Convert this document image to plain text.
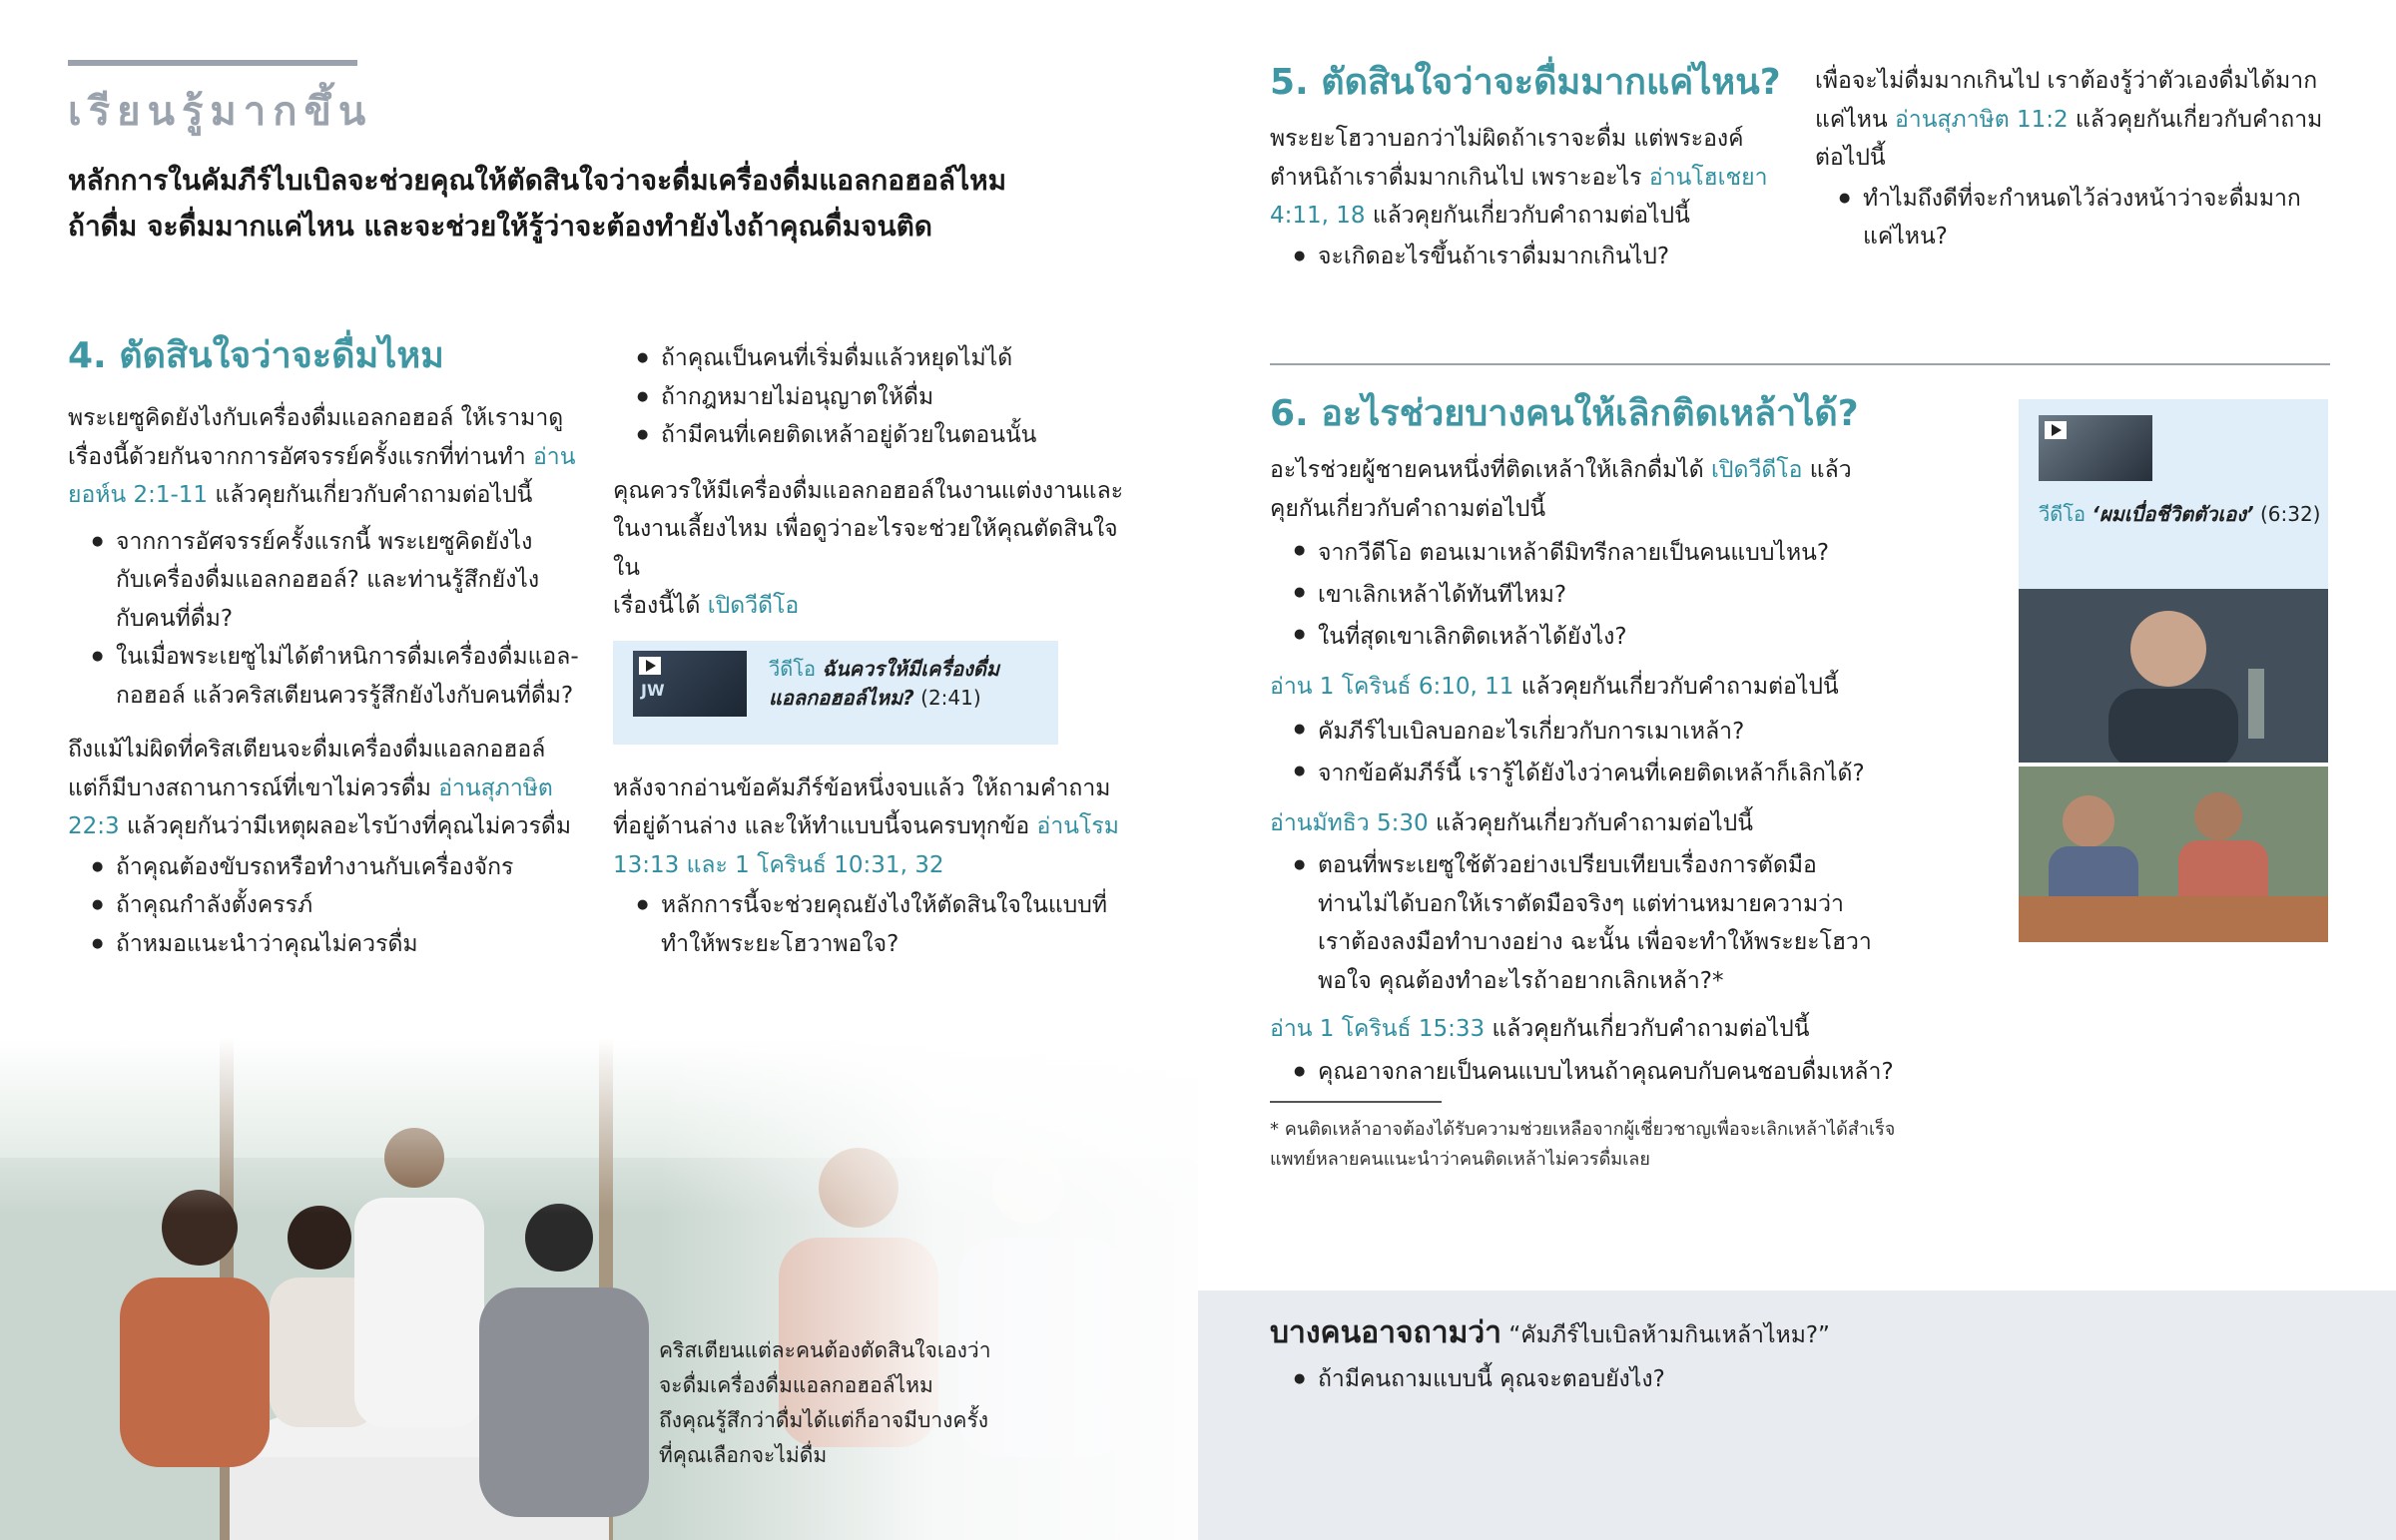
เรียนรู้มากขึ้น
หลักการในคัมภีร์ไบเบิลจะช่วยคุณให้ตัดสินใจว่าจะดื่มเครื่องดื่มแอลกอฮอล์ไหม
ถ้าดื่ม จะดื่มมากแค่ไหน และจะช่วยให้รู้ว่าจะต้องทำยังไงถ้าคุณดื่มจนติด
4. ตัดสินใจว่าจะดื่มไหม
พระเยซูคิดยังไงกับเครื่องดื่มแอลกอฮอล์ ให้เรามาดู
เรื่องนี้ด้วยกันจากการอัศจรรย์ครั้งแรกที่ท่านทำ อ่าน
ยอห์น 2:1-11 แล้วคุยกันเกี่ยวกับคำถามต่อไปนี้
● จากการอัศจรรย์ครั้งแรกนี้ พระเยซูคิดยังไง
กับเครื่องดื่มแอลกอฮอล์? และท่านรู้สึกยังไง
กับคนที่ดื่ม?
● ในเมื่อพระเยซูไม่ได้ตำหนิการดื่มเครื่องดื่มแอล-
กอฮอล์ แล้วคริสเตียนควรรู้สึกยังไงกับคนที่ดื่ม?
ถึงแม้ไม่ผิดที่คริสเตียนจะดื่มเครื่องดื่มแอลกอฮอล์
แต่ก็มีบางสถานการณ์ที่เขาไม่ควรดื่ม อ่านสุภาษิต
22:3 แล้วคุยกันว่ามีเหตุผลอะไรบ้างที่คุณไม่ควรดื่ม
● ถ้าคุณต้องขับรถหรือทำงานกับเครื่องจักร
● ถ้าคุณกำลังตั้งครรภ์
● ถ้าหมอแนะนำว่าคุณไม่ควรดื่ม
● ถ้าคุณเป็นคนที่เริ่มดื่มแล้วหยุดไม่ได้
● ถ้ากฎหมายไม่อนุญาตให้ดื่ม
● ถ้ามีคนที่เคยติดเหล้าอยู่ด้วยในตอนนั้น
คุณควรให้มีเครื่องดื่มแอลกอฮอล์ในงานแต่งงานและ
ในงานเลี้ยงไหม เพื่อดูว่าอะไรจะช่วยให้คุณตัดสินใจใน
เรื่องนี้ได้ เปิดวีดีโอ
JW
วีดีโอ ฉันควรให้มีเครื่องดื่ม
แอลกอฮอล์ไหม? (2:41)
หลังจากอ่านข้อคัมภีร์ข้อหนึ่งจบแล้ว ให้ถามคำถาม
ที่อยู่ด้านล่าง และให้ทำแบบนี้จนครบทุกข้อ อ่านโรม
13:13 และ 1 โครินธ์ 10:31, 32
● หลักการนี้จะช่วยคุณยังไงให้ตัดสินใจในแบบที่
ทำให้พระยะโฮวาพอใจ?
คริสเตียนแต่ละคนต้องตัดสินใจเองว่า
จะดื่มเครื่องดื่มแอลกอฮอล์ไหม
ถึงคุณรู้สึกว่าดื่มได้แต่ก็อาจมีบางครั้ง
ที่คุณเลือกจะไม่ดื่ม
5. ตัดสินใจว่าจะดื่มมากแค่ไหน?
พระยะโฮวาบอกว่าไม่ผิดถ้าเราจะดื่ม แต่พระองค์
ตำหนิถ้าเราดื่มมากเกินไป เพราะอะไร อ่านโฮเชยา
4:11, 18 แล้วคุยกันเกี่ยวกับคำถามต่อไปนี้
● จะเกิดอะไรขึ้นถ้าเราดื่มมากเกินไป?
เพื่อจะไม่ดื่มมากเกินไป เราต้องรู้ว่าตัวเองดื่มได้มาก
แค่ไหน อ่านสุภาษิต 11:2 แล้วคุยกันเกี่ยวกับคำถาม
ต่อไปนี้
● ทำไมถึงดีที่จะกำหนดไว้ล่วงหน้าว่าจะดื่มมาก
แค่ไหน?
6. อะไรช่วยบางคนให้เลิกติดเหล้าได้?
อะไรช่วยผู้ชายคนหนึ่งที่ติดเหล้าให้เลิกดื่มได้ เปิดวีดีโอ แล้ว
คุยกันเกี่ยวกับคำถามต่อไปนี้
● จากวีดีโอ ตอนเมาเหล้าดีมิทรีกลายเป็นคนแบบไหน?
● เขาเลิกเหล้าได้ทันทีไหม?
● ในที่สุดเขาเลิกติดเหล้าได้ยังไง?
อ่าน 1 โครินธ์ 6:10, 11 แล้วคุยกันเกี่ยวกับคำถามต่อไปนี้
● คัมภีร์ไบเบิลบอกอะไรเกี่ยวกับการเมาเหล้า?
● จากข้อคัมภีร์นี้ เรารู้ได้ยังไงว่าคนที่เคยติดเหล้าก็เลิกได้?
อ่านมัทธิว 5:30 แล้วคุยกันเกี่ยวกับคำถามต่อไปนี้
● ตอนที่พระเยซูใช้ตัวอย่างเปรียบเทียบเรื่องการตัดมือ
ท่านไม่ได้บอกให้เราตัดมือจริงๆ แต่ท่านหมายความว่า
เราต้องลงมือทำบางอย่าง ฉะนั้น เพื่อจะทำให้พระยะโฮวา
พอใจ คุณต้องทำอะไรถ้าอยากเลิกเหล้า?*
อ่าน 1 โครินธ์ 15:33 แล้วคุยกันเกี่ยวกับคำถามต่อไปนี้
● คุณอาจกลายเป็นคนแบบไหนถ้าคุณคบกับคนชอบดื่มเหล้า?
* คนติดเหล้าอาจต้องได้รับความช่วยเหลือจากผู้เชี่ยวชาญเพื่อจะเลิกเหล้าได้สำเร็จ
แพทย์หลายคนแนะนำว่าคนติดเหล้าไม่ควรดื่มเลย
วีดีโอ ‘ผมเบื่อชีวิตตัวเอง’ (6:32)
บางคนอาจถามว่า “คัมภีร์ไบเบิลห้ามกินเหล้าไหม?”
● ถ้ามีคนถามแบบนี้ คุณจะตอบยังไง?
